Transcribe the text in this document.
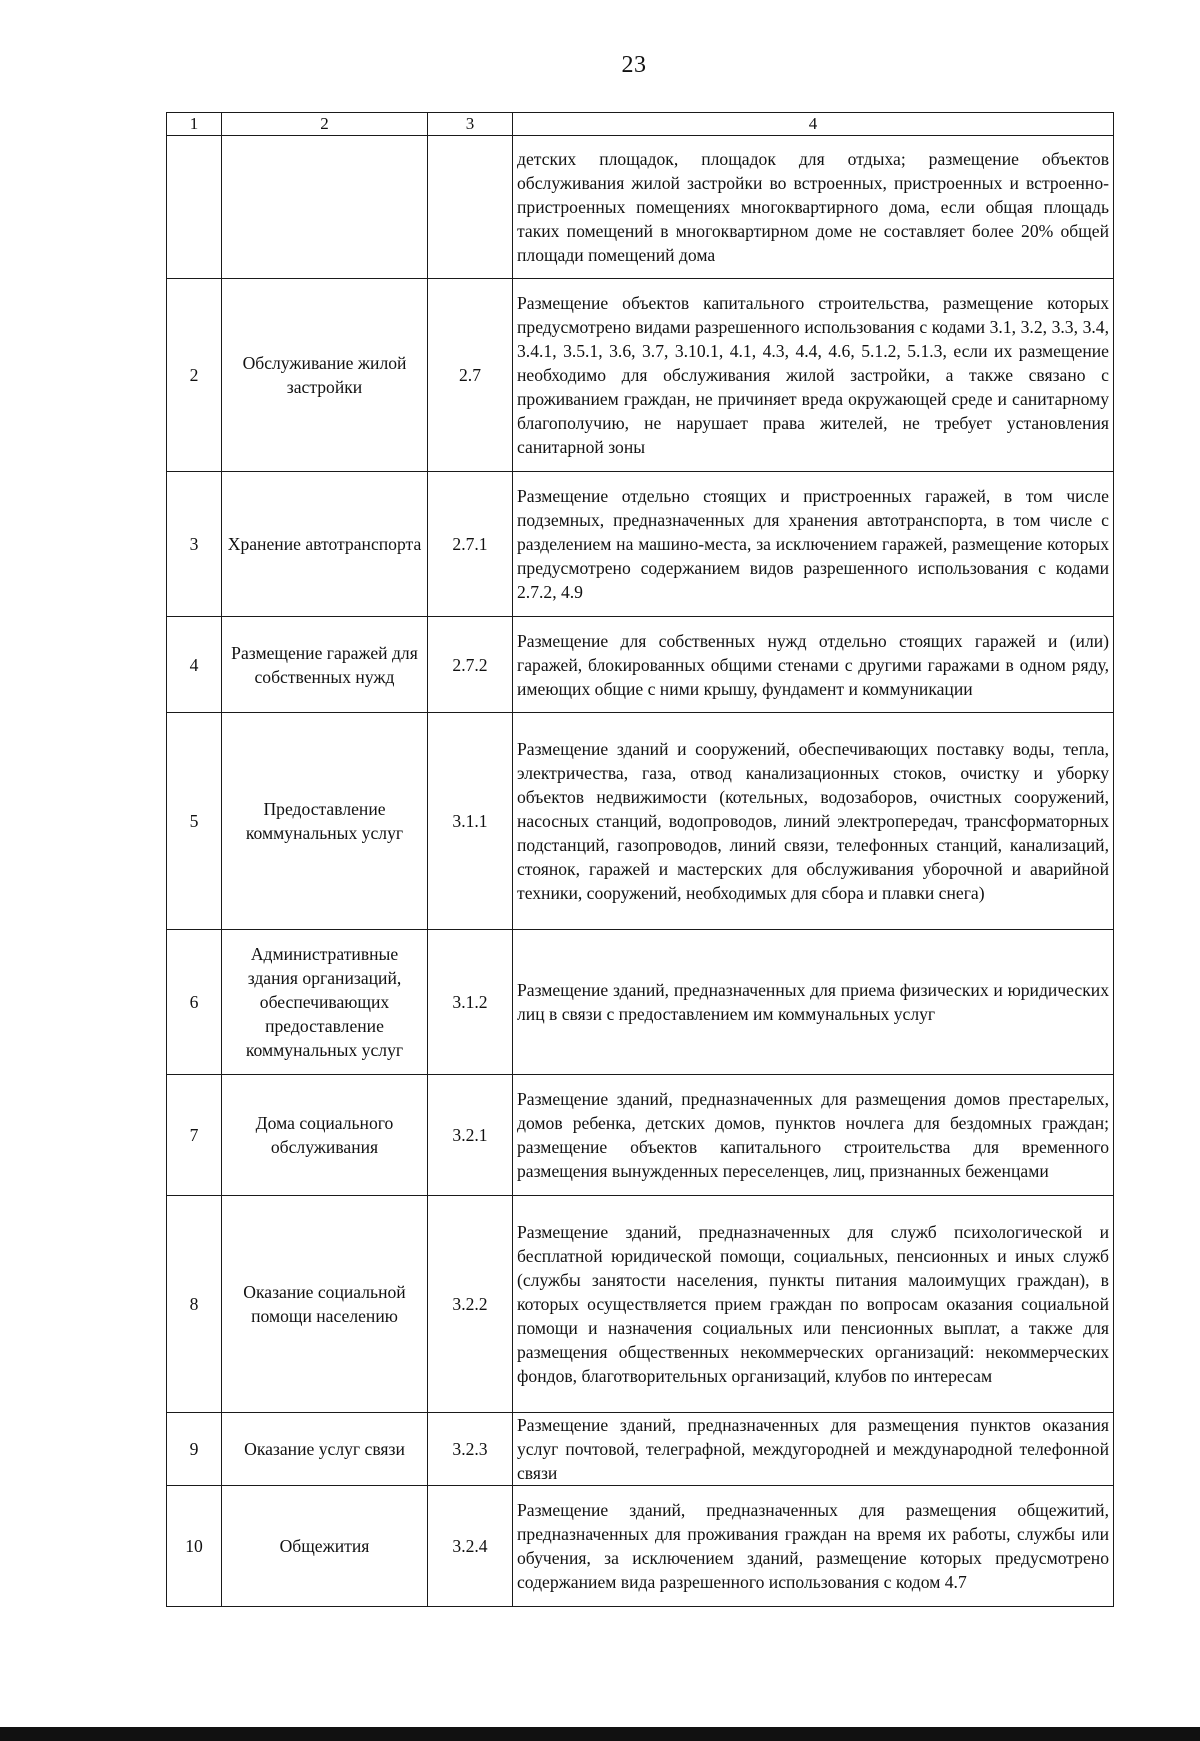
23
1	2	3	4
			детских площадок, площадок для отдыха; размещение объектов обслуживания жилой застройки во встроенных, пристроенных и встроенно-пристроенных помещениях многоквартирного дома, если общая площадь таких помещений в многоквартирном доме не составляет более 20% общей площади помещений дома
2	Обслуживание жилой застройки	2.7	Размещение объектов капитального строительства, размещение которых предусмотрено видами разрешенного использования с кодами 3.1, 3.2, 3.3, 3.4, 3.4.1, 3.5.1, 3.6, 3.7, 3.10.1, 4.1, 4.3, 4.4, 4.6, 5.1.2, 5.1.3, если их размещение необходимо для обслуживания жилой застройки, а также связано с проживанием граждан, не причиняет вреда окружающей среде и санитарному благополучию, не нарушает права жителей, не требует установления санитарной зоны
3	Хранение автотранспорта	2.7.1	Размещение отдельно стоящих и пристроенных гаражей, в том числе подземных, предназначенных для хранения автотранспорта, в том числе с разделением на машино-места, за исключением гаражей, размещение которых предусмотрено содержанием видов разрешенного использования с кодами 2.7.2, 4.9
4	Размещение гаражей для собственных нужд	2.7.2	Размещение для собственных нужд отдельно стоящих гаражей и (или) гаражей, блокированных общими стенами с другими гаражами в одном ряду, имеющих общие с ними крышу, фундамент и коммуникации
5	Предоставление коммунальных услуг	3.1.1	Размещение зданий и сооружений, обеспечивающих поставку воды, тепла, электричества, газа, отвод канализационных стоков, очистку и уборку объектов недвижимости (котельных, водозаборов, очистных сооружений, насосных станций, водопроводов, линий электропередач, трансформаторных подстанций, газопроводов, линий связи, телефонных станций, канализаций, стоянок, гаражей и мастерских для обслуживания уборочной и аварийной техники, сооружений, необходимых для сбора и плавки снега)
6	Административные здания организаций, обеспечивающих предоставление коммунальных услуг	3.1.2	Размещение зданий, предназначенных для приема физических и юридических лиц в связи с предоставлением им коммунальных услуг
7	Дома социального обслуживания	3.2.1	Размещение зданий, предназначенных для размещения домов престарелых, домов ребенка, детских домов, пунктов ночлега для бездомных граждан; размещение объектов капитального строительства для временного размещения вынужденных переселенцев, лиц, признанных беженцами
8	Оказание социальной помощи населению	3.2.2	Размещение зданий, предназначенных для служб психологической и бесплатной юридической помощи, социальных, пенсионных и иных служб (службы занятости населения, пункты питания малоимущих граждан), в которых осуществляется прием граждан по вопросам оказания социальной помощи и назначения социальных или пенсионных выплат, а также для размещения общественных некоммерческих организаций: некоммерческих фондов, благотворительных организаций, клубов по интересам
9	Оказание услуг связи	3.2.3	Размещение зданий, предназначенных для размещения пунктов оказания услуг почтовой, телеграфной, междугородней и международной телефонной связи
10	Общежития	3.2.4	Размещение зданий, предназначенных для размещения общежитий, предназначенных для проживания граждан на время их работы, службы или обучения, за исключением зданий, размещение которых предусмотрено содержанием вида разрешенного использования с кодом 4.7
